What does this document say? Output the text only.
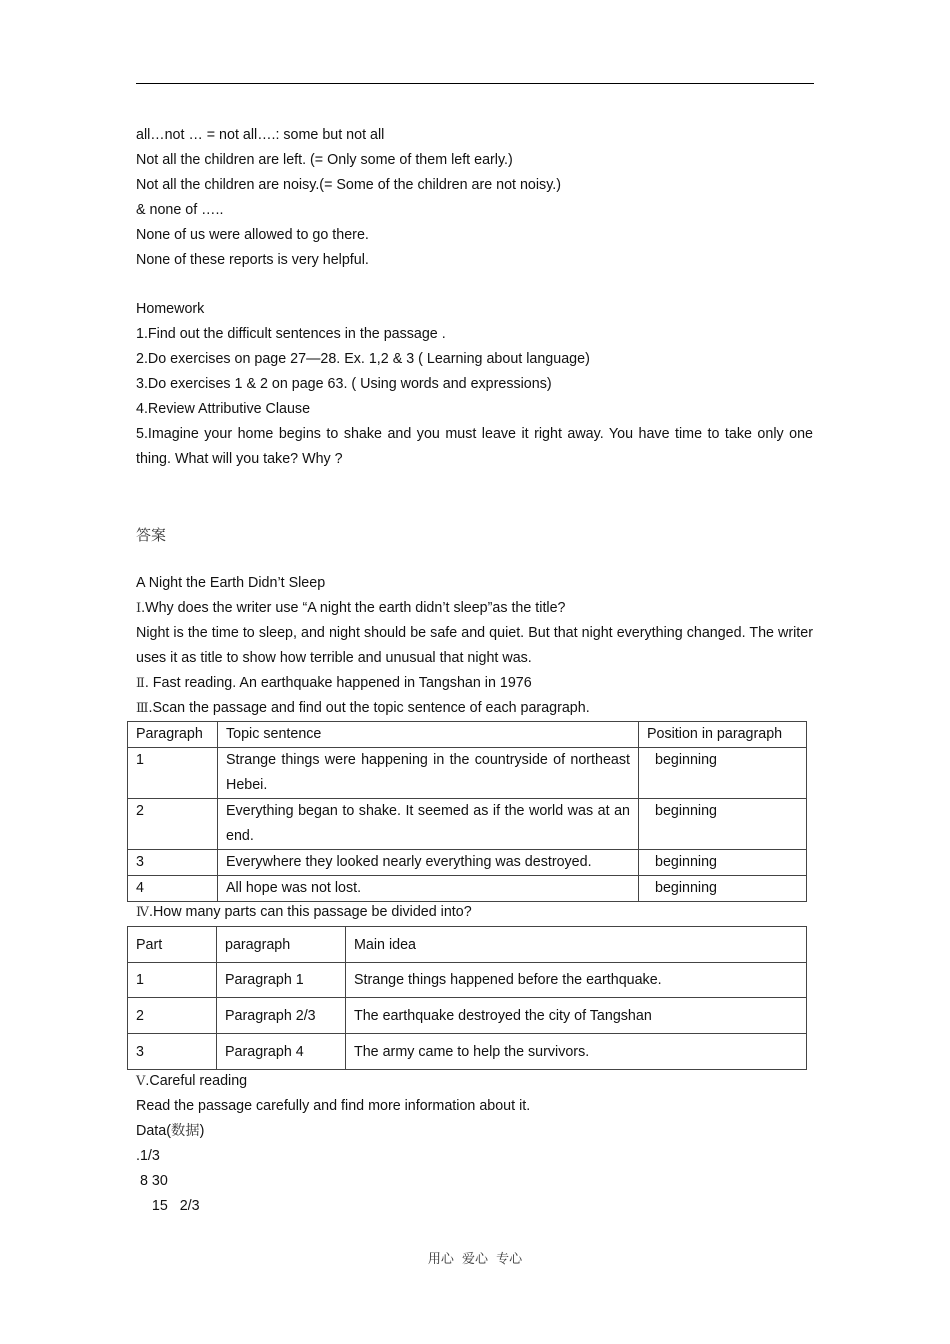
all…not … = not all….: some but not all
Not all the children are left. (= Only some of them left early.)
Not all the children are noisy.(= Some of the children are not noisy.)
& none of …..
None of us were allowed to go there.
None of these reports is very helpful.
Homework
1.Find out the difficult sentences in the passage .
2.Do exercises on page 27—28. Ex. 1,2 & 3 ( Learning about language)
3.Do exercises 1 & 2 on page 63. ( Using words and expressions)
4.Review Attributive Clause
5.Imagine your home begins to shake and you must leave it right away. You have time to take only one thing. What will you take? Why ?
答案
A Night the Earth Didn’t Sleep
Ⅰ.Why does the writer use “A night the earth didn’t sleep”as the title?
Night is the time to sleep, and night should be safe and quiet. But that night everything changed. The writer uses it as title to show how terrible and unusual that night was.
Ⅱ. Fast reading. An earthquake happened in Tangshan in 1976
Ⅲ.Scan the passage and find out the topic sentence of each paragraph.
Paragraph	Topic sentence	Position in paragraph
1	Strange things were happening in the countryside of northeast Hebei.	beginning
2	Everything began to shake. It seemed as if the world was at an end.	beginning
3	Everywhere they looked nearly everything was destroyed.	beginning
4	All hope was not lost.	beginning
Ⅳ.How many parts can this passage be divided into?
Part	paragraph	Main idea
1	Paragraph 1	Strange things happened before the earthquake.
2	Paragraph 2/3	The earthquake destroyed the city of Tangshan
3	Paragraph 4	The army came to help the survivors.
Ⅴ.Careful reading
Read the passage carefully and find more information about it.
Data(数据)
.1/3
8 30
15   2/3
用心 爱心 专心
